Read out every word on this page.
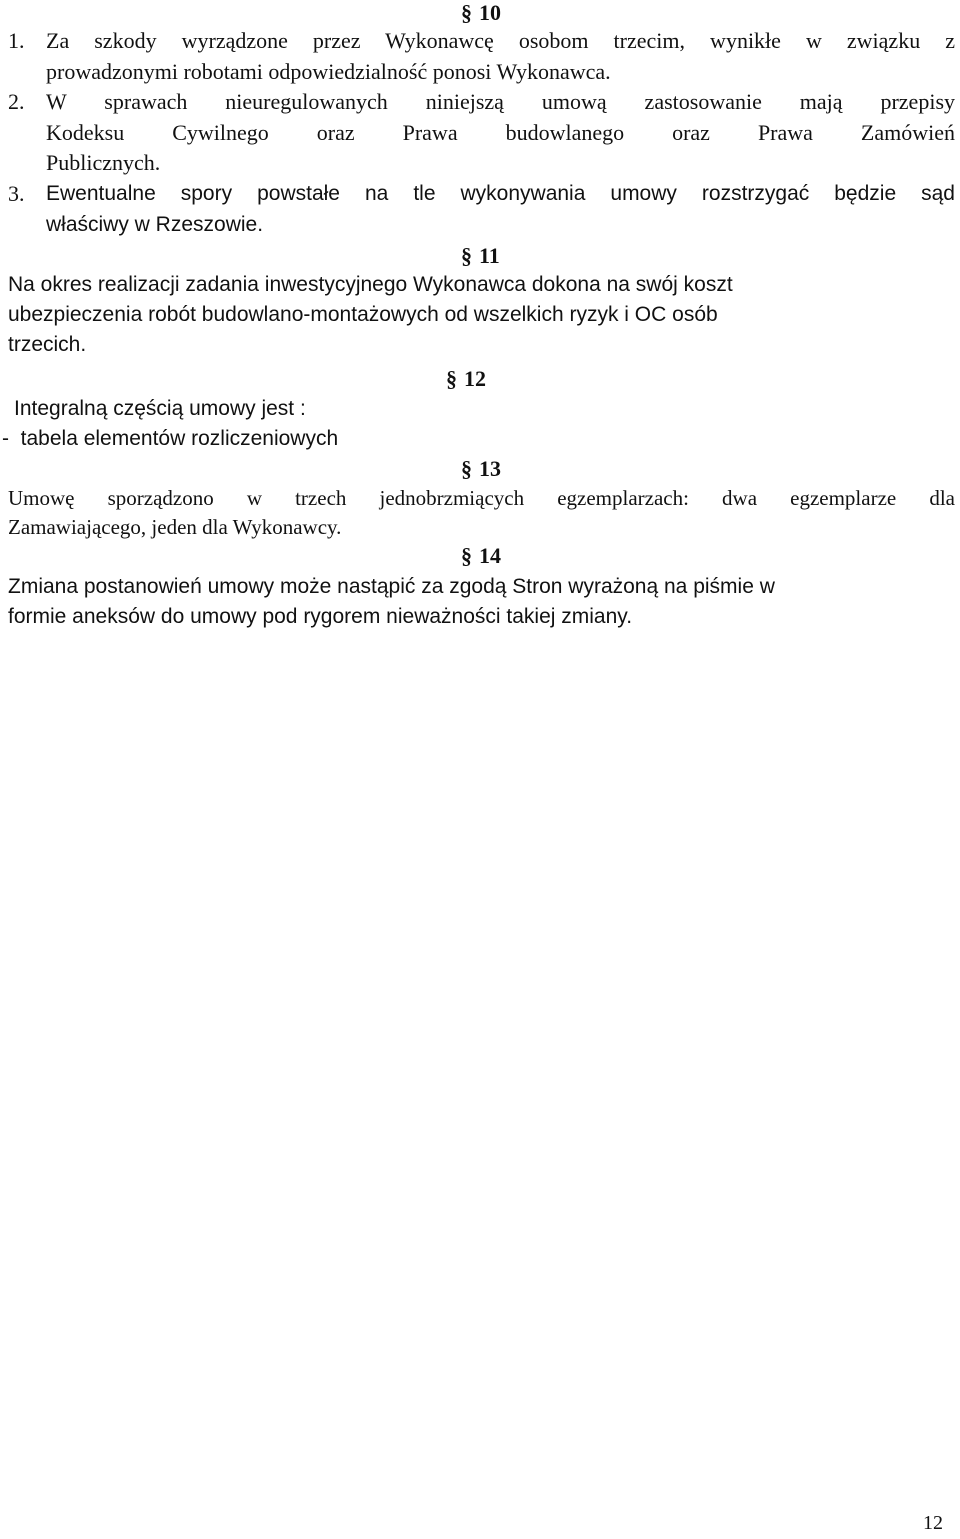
§ 10
1. Za szkody wyrządzone przez Wykonawcę osobom trzecim, wynikłe w związku z
prowadzonymi robotami odpowiedzialność ponosi Wykonawca.
2. W sprawach nieuregulowanych niniejszą umową zastosowanie mają przepisy
Kodeksu Cywilnego oraz Prawa budowlanego oraz Prawa Zamówień
Publicznych.
3. Ewentualne spory powstałe na tle wykonywania umowy rozstrzygać będzie sąd
właściwy w Rzeszowie.
§ 11
Na okres realizacji zadania inwestycyjnego Wykonawca dokona na swój koszt
ubezpieczenia robót budowlano-montażowych od wszelkich ryzyk i OC osób
trzecich.
§ 12
Integralną częścią umowy jest :
-  tabela elementów rozliczeniowych
§ 13
Umowę sporządzono w trzech jednobrzmiących egzemplarzach: dwa egzemplarze dla
Zamawiającego, jeden dla Wykonawcy.
§ 14
Zmiana postanowień umowy może nastąpić za zgodą Stron wyrażoną na piśmie w
formie aneksów do umowy pod rygorem nieważności takiej zmiany.
12
